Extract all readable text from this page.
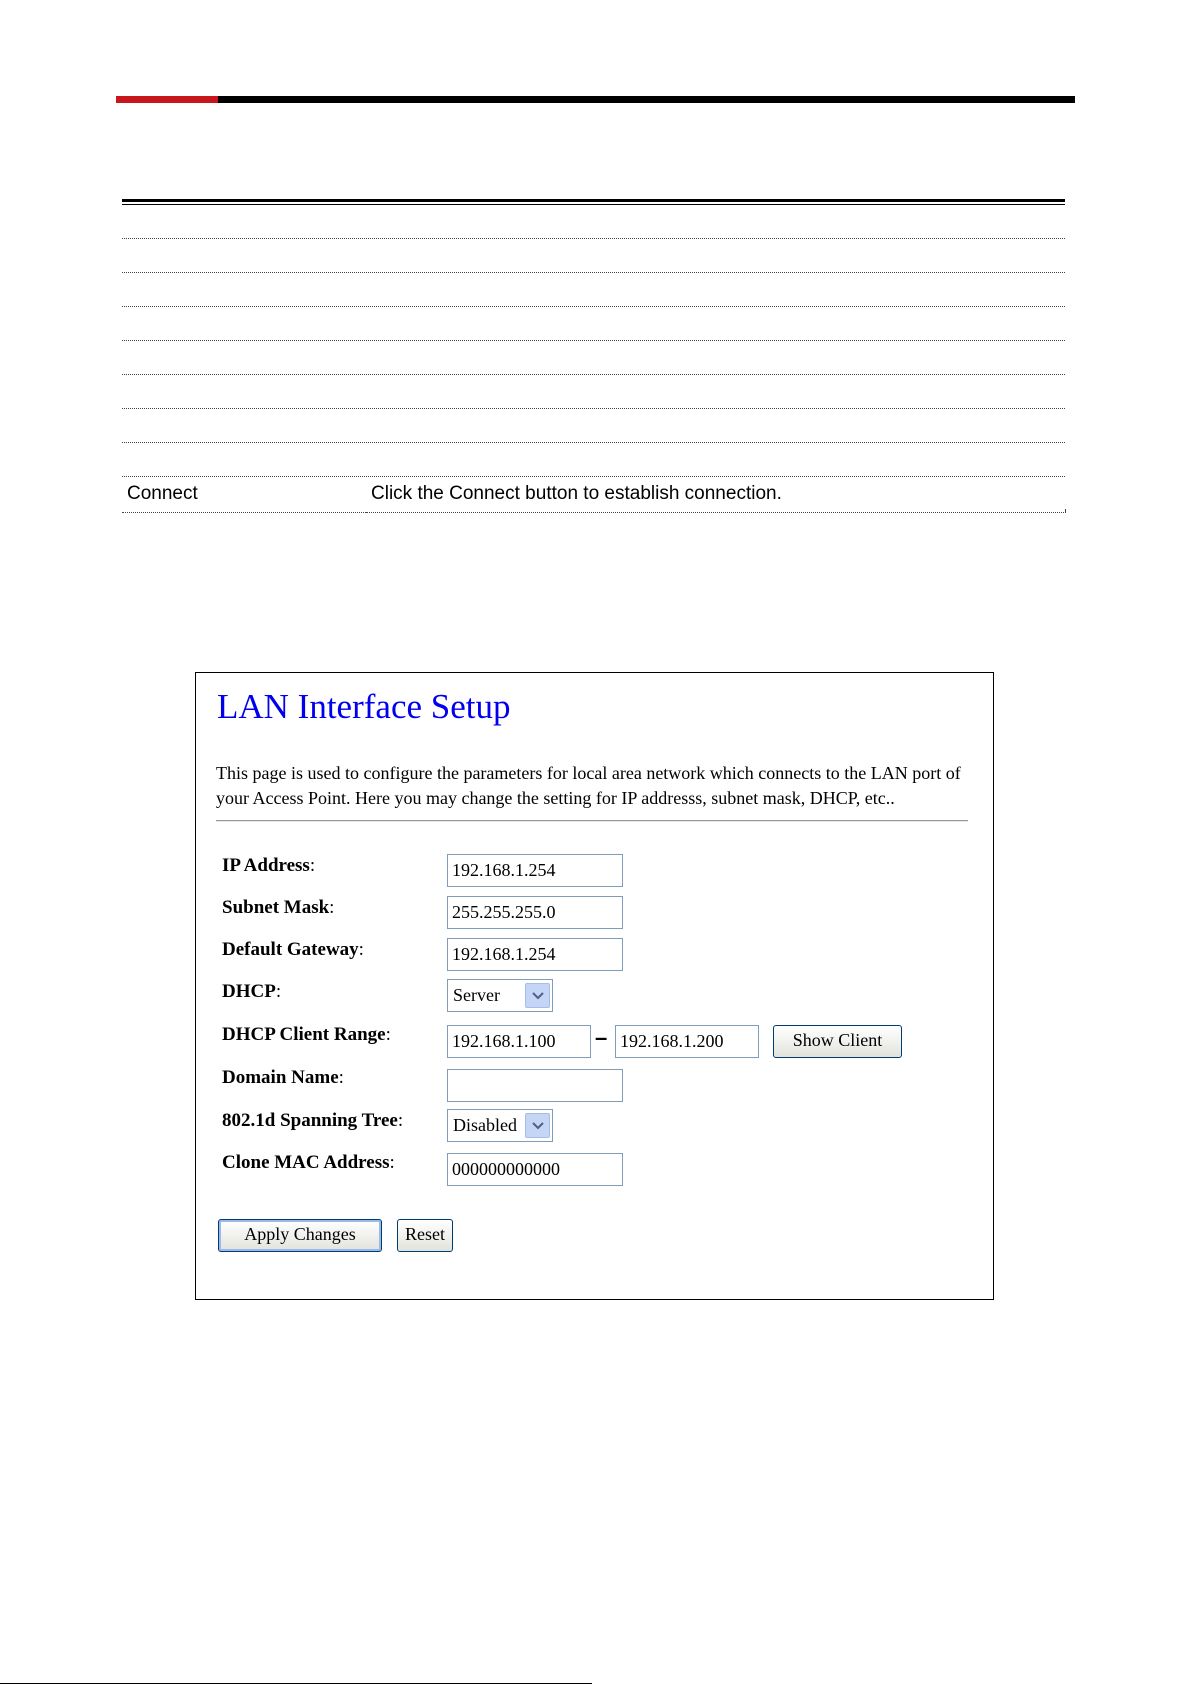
Connect	Click the Connect button to establish connection.
LAN Interface Setup
This page is used to configure the parameters for local area network which connects to the LAN port of your Access Point. Here you may change the setting for IP addresss, subnet mask, DHCP, etc..
IP Address:	192.168.1.254
Subnet Mask:	255.255.255.0
Default Gateway:	192.168.1.254
DHCP:	Server
DHCP Client Range:	192.168.1.100	– 192.168.1.200	Show Client
Domain Name:
802.1d Spanning Tree:	Disabled
Clone MAC Address:	000000000000
Apply Changes	Reset
